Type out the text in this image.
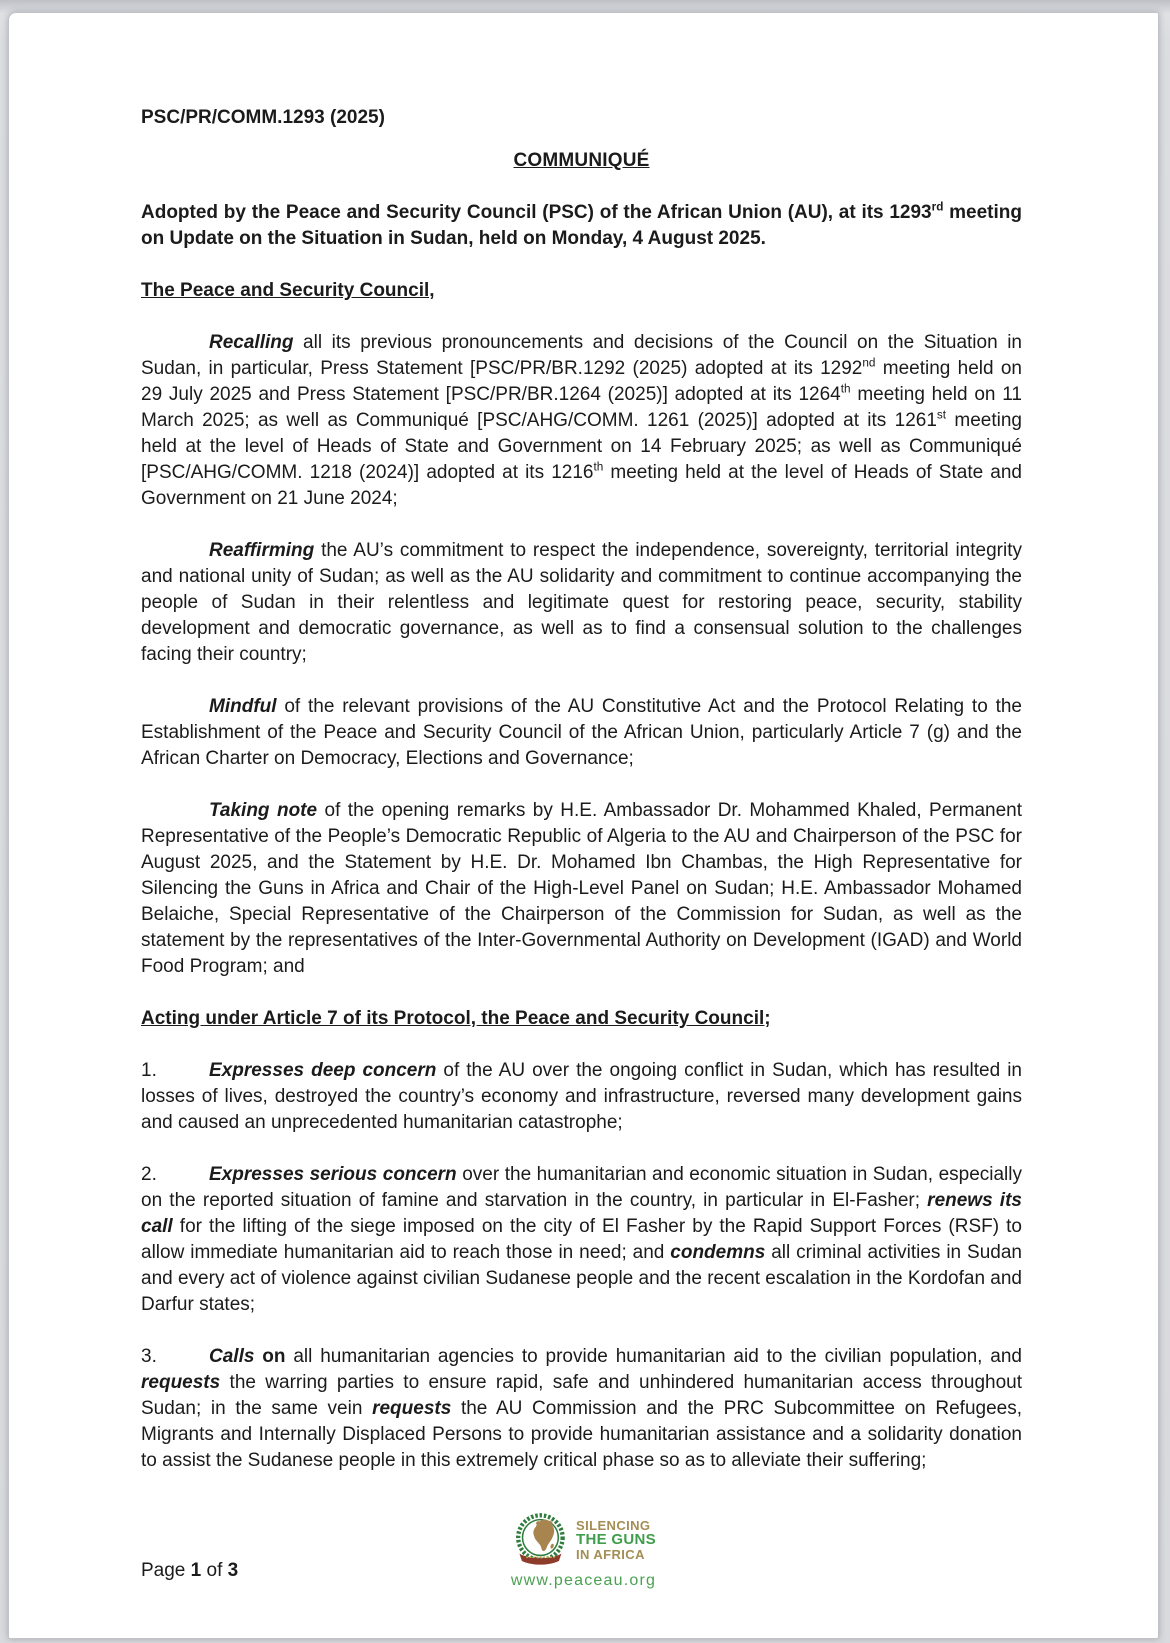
PSC/PR/COMM.1293 (2025)
COMMUNIQUÉ

Adopted by the Peace and Security Council (PSC) of the African Union (AU), at its 1293rd meeting on Update on the Situation in Sudan, held on Monday, 4 August 2025.

The Peace and Security Council,

Recalling all its previous pronouncements and decisions of the Council on the Situation in Sudan, in particular, Press Statement [PSC/PR/BR.1292 (2025) adopted at its 1292nd meeting held on 29 July 2025 and Press Statement [PSC/PR/BR.1264 (2025)] adopted at its 1264th meeting held on 11 March 2025; as well as Communiqué [PSC/AHG/COMM. 1261 (2025)] adopted at its 1261st meeting held at the level of Heads of State and Government on 14 February 2025; as well as Communiqué [PSC/AHG/COMM. 1218 (2024)] adopted at its 1216th meeting held at the level of Heads of State and Government on 21 June 2024;

Reaffirming the AU’s commitment to respect the independence, sovereignty, territorial integrity and national unity of Sudan; as well as the AU solidarity and commitment to continue accompanying the people of Sudan in their relentless and legitimate quest for restoring peace, security, stability development and democratic governance, as well as to find a consensual solution to the challenges facing their country;

Mindful of the relevant provisions of the AU Constitutive Act and the Protocol Relating to the Establishment of the Peace and Security Council of the African Union, particularly Article 7 (g) and the African Charter on Democracy, Elections and Governance;

Taking note of the opening remarks by H.E. Ambassador Dr. Mohammed Khaled, Permanent Representative of the People’s Democratic Republic of Algeria to the AU and Chairperson of the PSC for August 2025, and the Statement by H.E. Dr. Mohamed Ibn Chambas, the High Representative for Silencing the Guns in Africa and Chair of the High-Level Panel on Sudan; H.E. Ambassador Mohamed Belaiche, Special Representative of the Chairperson of the Commission for Sudan, as well as the statement by the representatives of the Inter-Governmental Authority on Development (IGAD) and World Food Program; and

Acting under Article 7 of its Protocol, the Peace and Security Council;

1.	Expresses deep concern of the AU over the ongoing conflict in Sudan, which has resulted in losses of lives, destroyed the country’s economy and infrastructure, reversed many development gains and caused an unprecedented humanitarian catastrophe;

2.	Expresses serious concern over the humanitarian and economic situation in Sudan, especially on the reported situation of famine and starvation in the country, in particular in El-Fasher; renews its call for the lifting of the siege imposed on the city of El Fasher by the Rapid Support Forces (RSF) to allow immediate humanitarian aid to reach those in need; and condemns all criminal activities in Sudan and every act of violence against civilian Sudanese people and the recent escalation in the Kordofan and Darfur states;

3.	Calls on all humanitarian agencies to provide humanitarian aid to the civilian population, and requests the warring parties to ensure rapid, safe and unhindered humanitarian access throughout Sudan; in the same vein requests the AU Commission and the PRC Subcommittee on Refugees, Migrants and Internally Displaced Persons to provide humanitarian assistance and a solidarity donation to assist the Sudanese people in this extremely critical phase so as to alleviate their suffering;

Page 1 of 3
SILENCING
THE GUNS
IN AFRICA
www.peaceau.org
